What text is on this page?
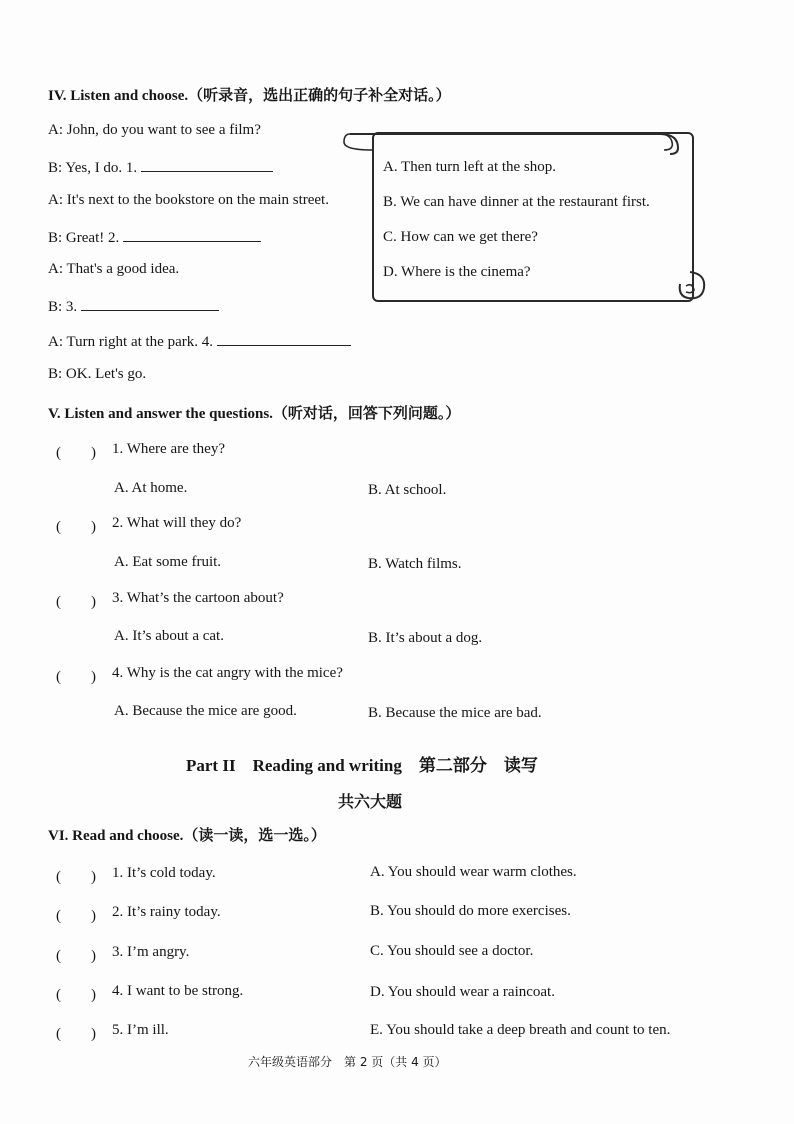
IV. Listen and choose.（听录音，选出正确的句子补全对话。）
A: John, do you want to see a film?
B: Yes, I do. 1.
A: It's next to the bookstore on the main street.
B: Great! 2.
A: That's a good idea.
B: 3.
A: Turn right at the park. 4.
B: OK. Let's go.
A. Then turn left at the shop.
B. We can have dinner at the restaurant first.
C. How can we get there?
D. Where is the cinema?
V. Listen and answer the questions.（听对话，回答下列问题。）
(　　) 1. Where are they?
A. At home.	B. At school.
(　　) 2. What will they do?
A. Eat some fruit.	B. Watch films.
(　　) 3. What’s the cartoon about?
A. It’s about a cat.	B. It’s about a dog.
(　　) 4. Why is the cat angry with the mice?
A. Because the mice are good.	B. Because the mice are bad.
Part II　Reading and writing　第二部分　读写
共六大题
VI. Read and choose.（读一读，选一选。）
(　　) 1. It’s cold today.	A. You should wear warm clothes.
(　　) 2. It’s rainy today.	B. You should do more exercises.
(　　) 3. I’m angry.	C. You should see a doctor.
(　　) 4. I want to be strong.	D. You should wear a raincoat.
(　　) 5. I’m ill.	E. You should take a deep breath and count to ten.
六年级英语部分　第 2 页（共 4 页）
